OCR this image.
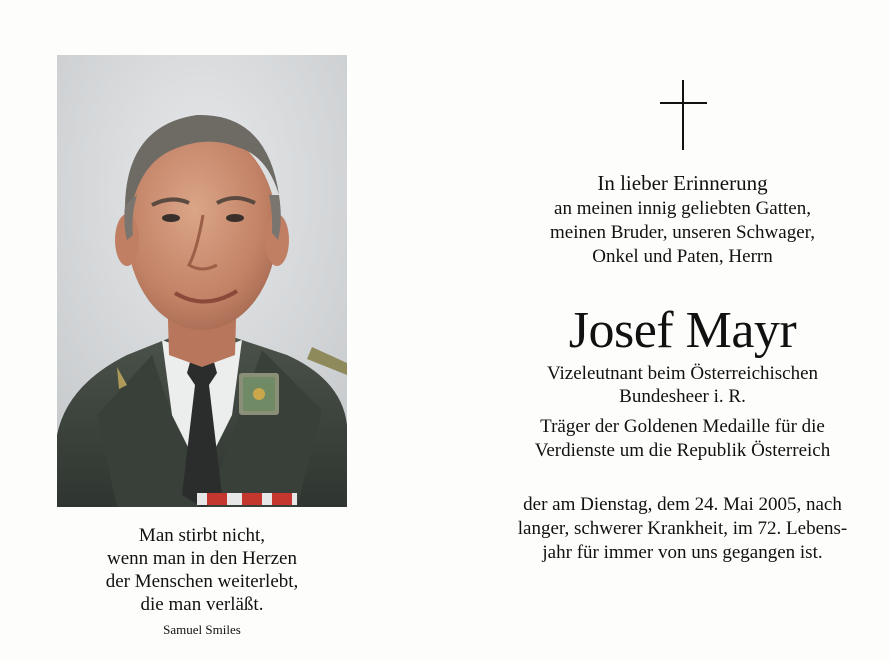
Man stirbt nicht,
wenn man in den Herzen
der Menschen weiterlebt,
die man verläßt.
Samuel Smiles
In lieber Erinnerung
an meinen innig geliebten Gatten,
meinen Bruder, unseren Schwager,
Onkel und Paten, Herrn
Josef Mayr
Vizeleutnant beim Österreichischen
Bundesheer i. R.
Träger der Goldenen Medaille für die
Verdienste um die Republik Österreich
der am Dienstag, dem 24. Mai 2005, nach
langer, schwerer Krankheit, im 72. Lebens-
jahr für immer von uns gegangen ist.
